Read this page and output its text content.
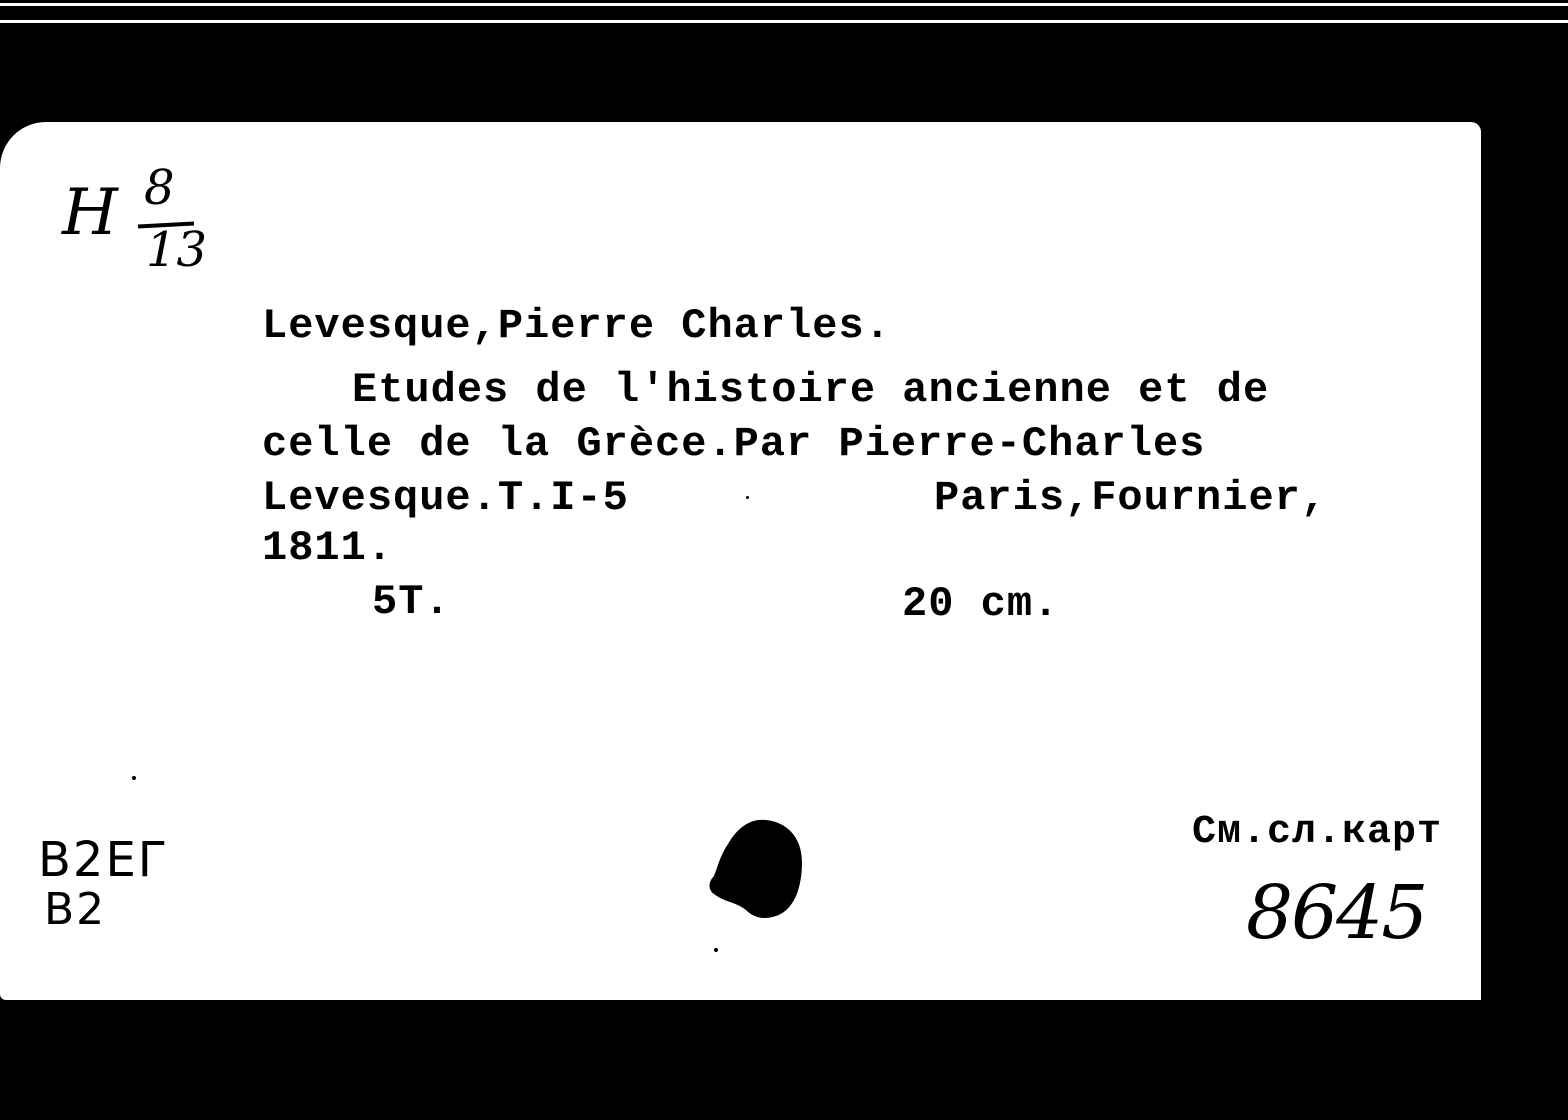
Н 8
13
Levesque,Pierre Charles.
Etudes de l'histoire ancienne et de
celle de la Grèce.Par Pierre-Charles
Levesque.T.I-5	Paris,Fournier,
1811.
5T.	20 cm.
В2ЕГ
В2
См.сл.карт
8645
